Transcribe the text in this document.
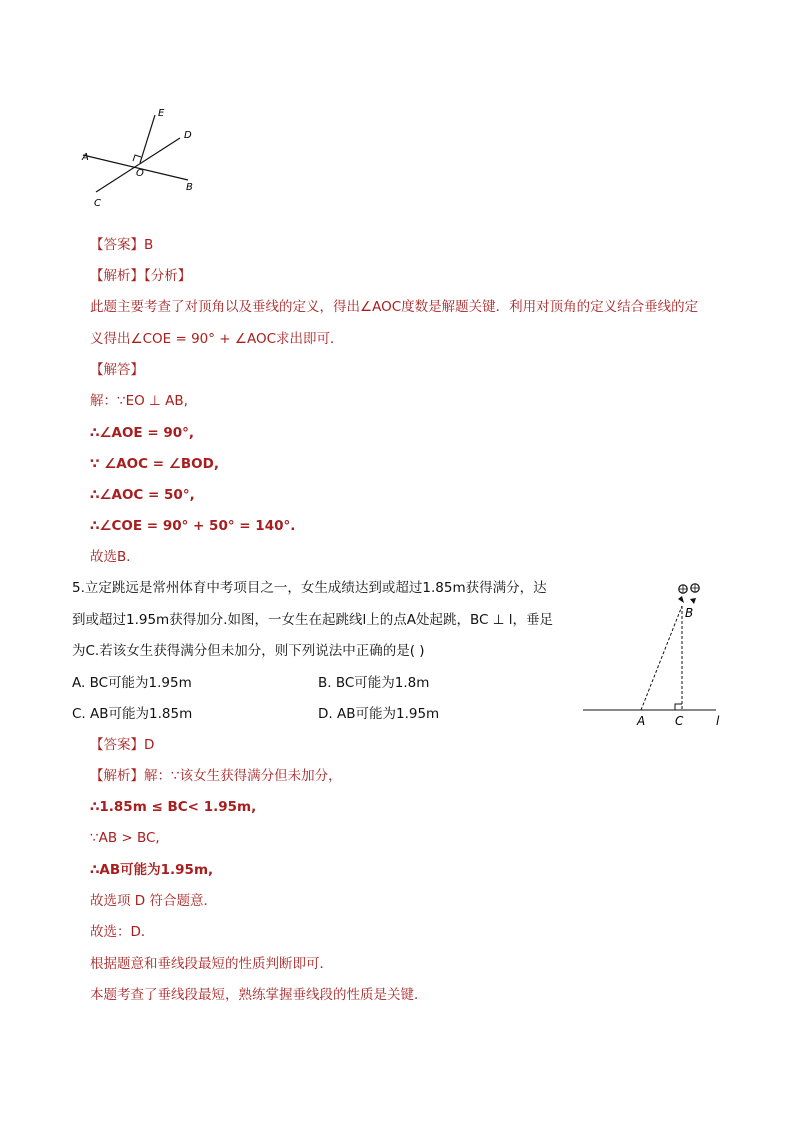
E
D
A
O
B
C
【答案】B
【解析】【分析】
此题主要考查了对顶角以及垂线的定义，得出∠AOC度数是解题关键．利用对顶角的定义结合垂线的定
义得出∠COE = 90° + ∠AOC求出即可．
【解答】
解：∵EO ⊥ AB,
∴∠AOE = 90°,
∵ ∠AOC = ∠BOD,
∴∠AOC = 50°,
∴∠COE = 90° + 50° = 140°.
故选B．
5.立定跳远是常州体育中考项目之一，女生成绩达到或超过1.85m获得满分，达
到或超过1.95m获得加分.如图，一女生在起跳线l上的点A处起跳，BC ⊥ l，垂足
为C.若该女生获得满分但未加分，则下列说法中正确的是( )
A. BC可能为1.95m	B. BC可能为1.8m
C. AB可能为1.85m	D. AB可能为1.95m
B
A C	l
【答案】D
【解析】解：∵该女生获得满分但未加分，
∴1.85m ≤ BC< 1.95m,
∵AB > BC,
∴AB可能为1.95m,
故选项 D 符合题意．
故选：D．
根据题意和垂线段最短的性质判断即可．
本题考查了垂线段最短，熟练掌握垂线段的性质是关键．
